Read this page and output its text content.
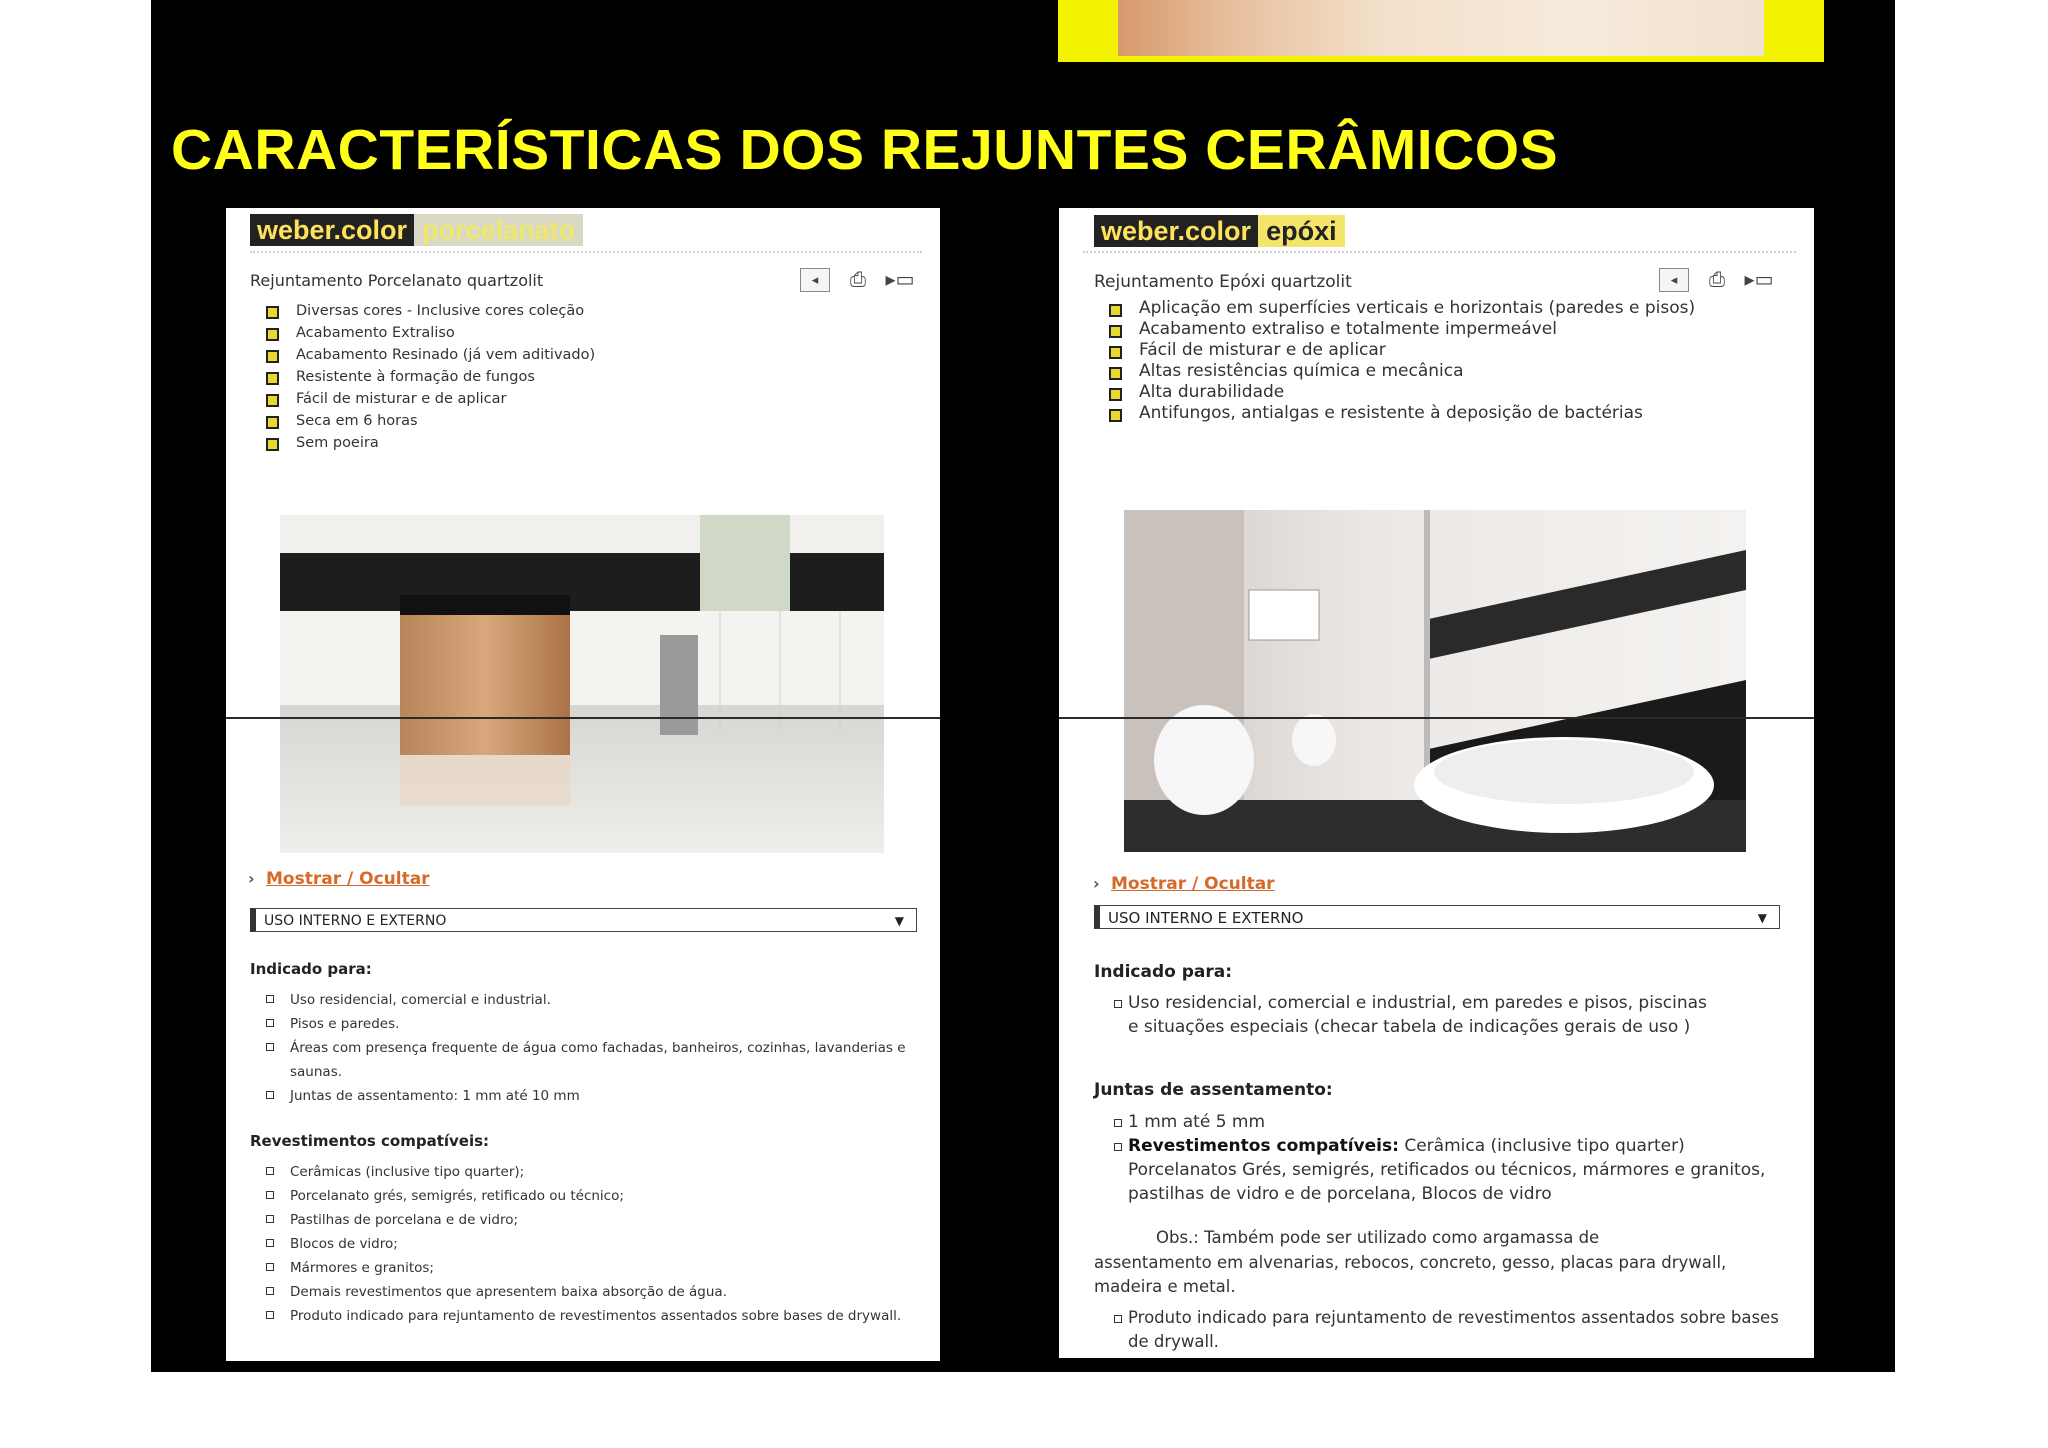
CARACTERÍSTICAS DOS REJUNTES CERÂMICOS
weber.color porcelanato
Rejuntamento Porcelanato quartzolit	◂	⎙ ▸▭
Diversas cores - Inclusive cores coleção
Acabamento Extraliso
Acabamento Resinado (já vem aditivado)
Resistente à formação de fungos
Fácil de misturar e de aplicar
Seca em 6 horas
Sem poeira
› Mostrar / Ocultar
USO INTERNO E EXTERNO	▼
Indicado para:
Uso residencial, comercial e industrial.
Pisos e paredes.
Áreas com presença frequente de água como fachadas, banheiros, cozinhas, lavanderias e saunas.
Juntas de assentamento: 1 mm até 10 mm
Revestimentos compatíveis:
Cerâmicas (inclusive tipo quarter);
Porcelanato grés, semigrés, retificado ou técnico;
Pastilhas de porcelana e de vidro;
Blocos de vidro;
Mármores e granitos;
Demais revestimentos que apresentem baixa absorção de água.
Produto indicado para rejuntamento de revestimentos assentados sobre bases de drywall.
weber.color epóxi
Rejuntamento Epóxi quartzolit	◂	⎙ ▸▭
Aplicação em superfícies verticais e horizontais (paredes e pisos)
Acabamento extraliso e totalmente impermeável
Fácil de misturar e de aplicar
Altas resistências química e mecânica
Alta durabilidade
Antifungos, antialgas e resistente à deposição de bactérias
› Mostrar / Ocultar
USO INTERNO E EXTERNO	▼
Indicado para:
Uso residencial, comercial e industrial, em paredes e pisos, piscinas
e situações especiais (checar tabela de indicações gerais de uso )
Juntas de assentamento:
1 mm até 5 mm
Revestimentos compatíveis: Cerâmica (inclusive tipo quarter) Porcelanatos Grés, semigrés, retificados ou técnicos, mármores e granitos, pastilhas de vidro e de porcelana, Blocos de vidro
Obs.: Também pode ser utilizado como argamassa de
assentamento em alvenarias, rebocos, concreto, gesso, placas para drywall, madeira e metal.
Produto indicado para rejuntamento de revestimentos assentados sobre bases de drywall.
